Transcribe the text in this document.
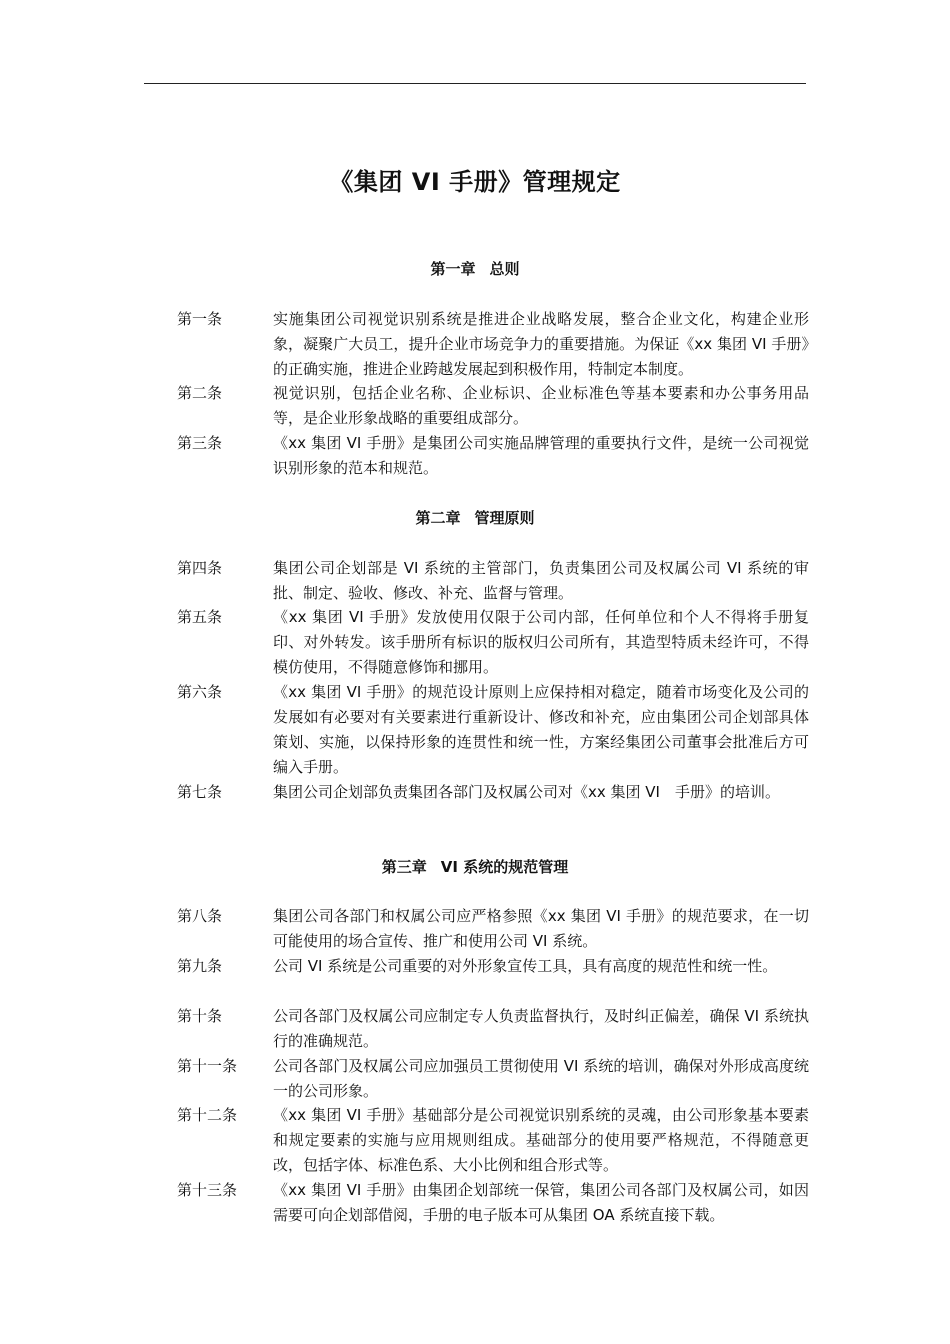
《集团 VI 手册》管理规定
第一章 总则
第一条	实施集团公司视觉识别系统是推进企业战略发展，整合企业文化，构建企业形象，凝聚广大员工，提升企业市场竞争力的重要措施。为保证《xx 集团 VI 手册》的正确实施，推进企业跨越发展起到积极作用，特制定本制度。
第二条	视觉识别，包括企业名称、企业标识、企业标准色等基本要素和办公事务用品等，是企业形象战略的重要组成部分。
第三条	《xx 集团 VI 手册》是集团公司实施品牌管理的重要执行文件，是统一公司视觉识别形象的范本和规范。
第二章 管理原则
第四条	集团公司企划部是 VI 系统的主管部门，负责集团公司及权属公司 VI 系统的审批、制定、验收、修改、补充、监督与管理。
第五条	《xx 集团 VI 手册》发放使用仅限于公司内部，任何单位和个人不得将手册复印、对外转发。该手册所有标识的版权归公司所有，其造型特质未经许可，不得模仿使用，不得随意修饰和挪用。
第六条	《xx 集团 VI 手册》的规范设计原则上应保持相对稳定，随着市场变化及公司的发展如有必要对有关要素进行重新设计、修改和补充，应由集团公司企划部具体策划、实施，以保持形象的连贯性和统一性，方案经集团公司董事会批准后方可编入手册。
第七条	集团公司企划部负责集团各部门及权属公司对《xx 集团 VI　手册》的培训。
第三章 VI 系统的规范管理
第八条	集团公司各部门和权属公司应严格参照《xx 集团 VI 手册》的规范要求，在一切可能使用的场合宣传、推广和使用公司 VI 系统。
第九条	公司 VI 系统是公司重要的对外形象宣传工具，具有高度的规范性和统一性。
第十条	公司各部门及权属公司应制定专人负责监督执行，及时纠正偏差，确保 VI 系统执行的准确规范。
第十一条	公司各部门及权属公司应加强员工贯彻使用 VI 系统的培训，确保对外形成高度统一的公司形象。
第十二条	《xx 集团 VI 手册》基础部分是公司视觉识别系统的灵魂，由公司形象基本要素和规定要素的实施与应用规则组成。基础部分的使用要严格规范，不得随意更改，包括字体、标准色系、大小比例和组合形式等。
第十三条	《xx 集团 VI 手册》由集团企划部统一保管，集团公司各部门及权属公司，如因需要可向企划部借阅，手册的电子版本可从集团 OA 系统直接下载。
